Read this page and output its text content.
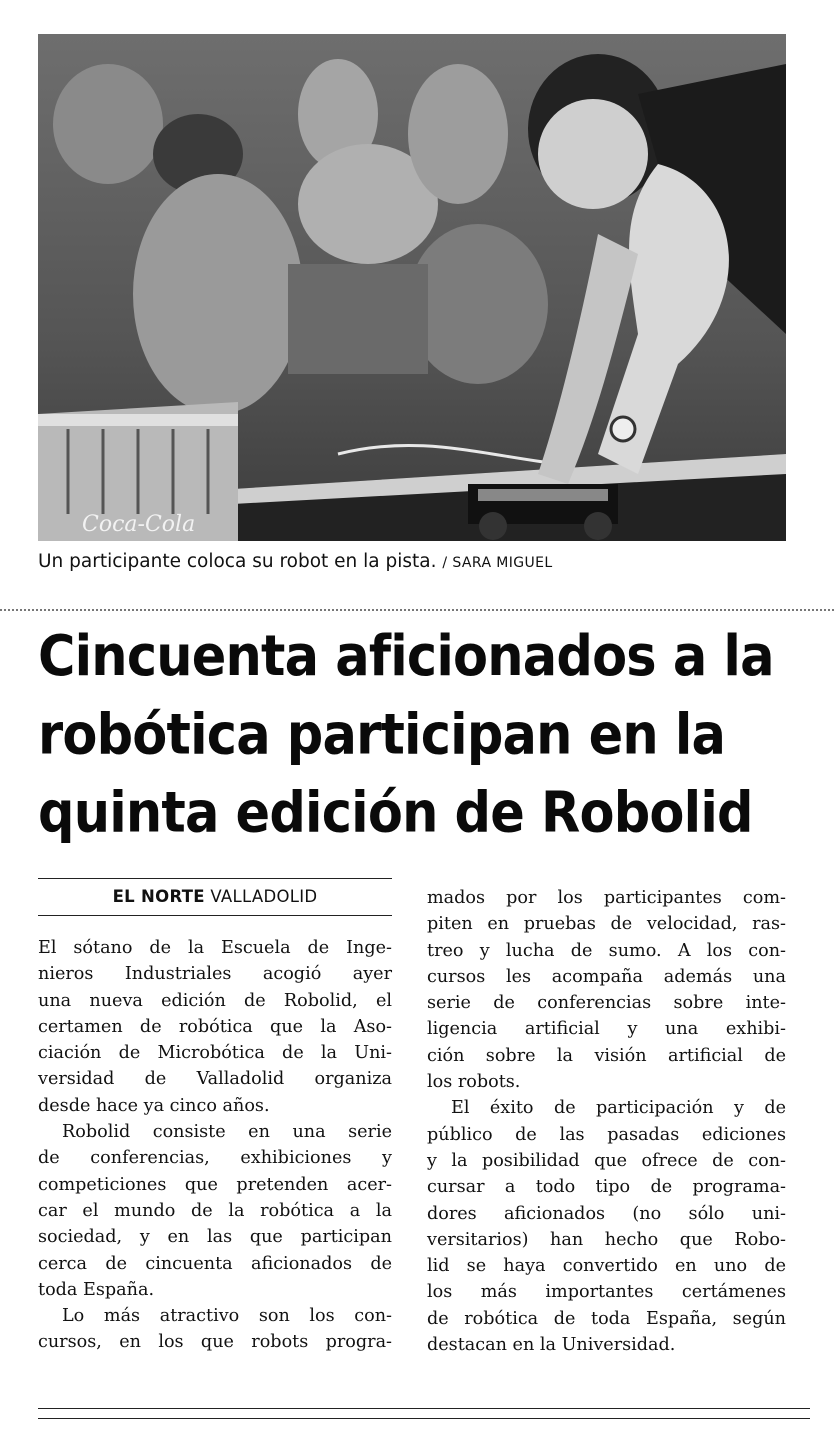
Coca-Cola
Un participante coloca su robot en la pista. / SARA MIGUEL
Cincuenta aficionados a la
robótica participan en la
quinta edición de Robolid
EL NORTE VALLADOLID
El sótano de la Escuela de Inge-
nieros Industriales acogió ayer
una nueva edición de Robolid, el
certamen de robótica que la Aso-
ciación de Microbótica de la Uni-
versidad de Valladolid organiza
desde hace ya cinco años.
Robolid consiste en una serie
de conferencias, exhibiciones y
competiciones que pretenden acer-
car el mundo de la robótica a la
sociedad, y en las que participan
cerca de cincuenta aficionados de
toda España.
Lo más atractivo son los con-
cursos, en los que robots progra-
mados por los participantes com-
piten en pruebas de velocidad, ras-
treo y lucha de sumo. A los con-
cursos les acompaña además una
serie de conferencias sobre inte-
ligencia artificial y una exhibi-
ción sobre la visión artificial de
los robots.
El éxito de participación y de
público de las pasadas ediciones
y la posibilidad que ofrece de con-
cursar a todo tipo de programa-
dores aficionados (no sólo uni-
versitarios) han hecho que Robo-
lid se haya convertido en uno de
los más importantes certámenes
de robótica de toda España, según
destacan en la Universidad.
